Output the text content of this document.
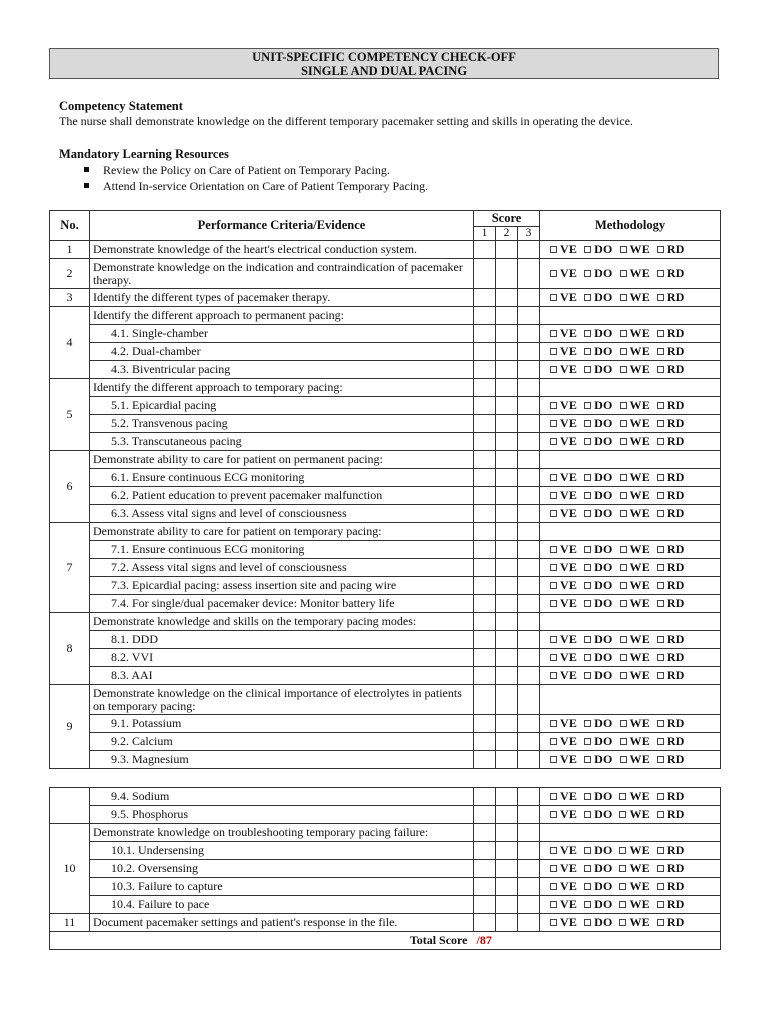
UNIT-SPECIFIC COMPETENCY CHECK-OFF
SINGLE AND DUAL PACING
Competency Statement
The nurse shall demonstrate knowledge on the different temporary pacemaker setting and skills in operating the device.
Mandatory Learning Resources
Review the Policy on Care of Patient on Temporary Pacing.
Attend In-service Orientation on Care of Patient Temporary Pacing.
No.	Performance Criteria/Evidence	Score			Methodology
		1	2	3	
1	Demonstrate knowledge of the heart's electrical conduction system.				VE DO WE RD
2	Demonstrate knowledge on the indication and contraindication of pacemaker therapy.				VE DO WE RD
3	Identify the different types of pacemaker therapy.				VE DO WE RD
4	Identify the different approach to permanent pacing:				
	4.1. Single-chamber				VE DO WE RD
	4.2. Dual-chamber				VE DO WE RD
	4.3. Biventricular pacing				VE DO WE RD
5	Identify the different approach to temporary pacing:				
	5.1. Epicardial pacing				VE DO WE RD
	5.2. Transvenous pacing				VE DO WE RD
	5.3. Transcutaneous pacing				VE DO WE RD
6	Demonstrate ability to care for patient on permanent pacing:				
	6.1. Ensure continuous ECG monitoring				VE DO WE RD
	6.2. Patient education to prevent pacemaker malfunction				VE DO WE RD
	6.3. Assess vital signs and level of consciousness				VE DO WE RD
7	Demonstrate ability to care for patient on temporary pacing:				
	7.1. Ensure continuous ECG monitoring				VE DO WE RD
	7.2. Assess vital signs and level of consciousness				VE DO WE RD
	7.3. Epicardial pacing: assess insertion site and pacing wire				VE DO WE RD
	7.4. For single/dual pacemaker device: Monitor battery life				VE DO WE RD
8	Demonstrate knowledge and skills on the temporary pacing modes:				
	8.1. DDD				VE DO WE RD
	8.2. VVI				VE DO WE RD
	8.3. AAI				VE DO WE RD
9	Demonstrate knowledge on the clinical importance of electrolytes in patients on temporary pacing:				
	9.1. Potassium				VE DO WE RD
	9.2. Calcium				VE DO WE RD
	9.3. Magnesium				VE DO WE RD
	9.4. Sodium				VE DO WE RD
	9.5. Phosphorus				VE DO WE RD
10	Demonstrate knowledge on troubleshooting temporary pacing failure:				
	10.1. Undersensing				VE DO WE RD
	10.2. Oversensing				VE DO WE RD
	10.3. Failure to capture				VE DO WE RD
	10.4. Failure to pace				VE DO WE RD
11	Document pacemaker settings and patient's response in the file.				VE DO WE RD
Total Score		/87			
